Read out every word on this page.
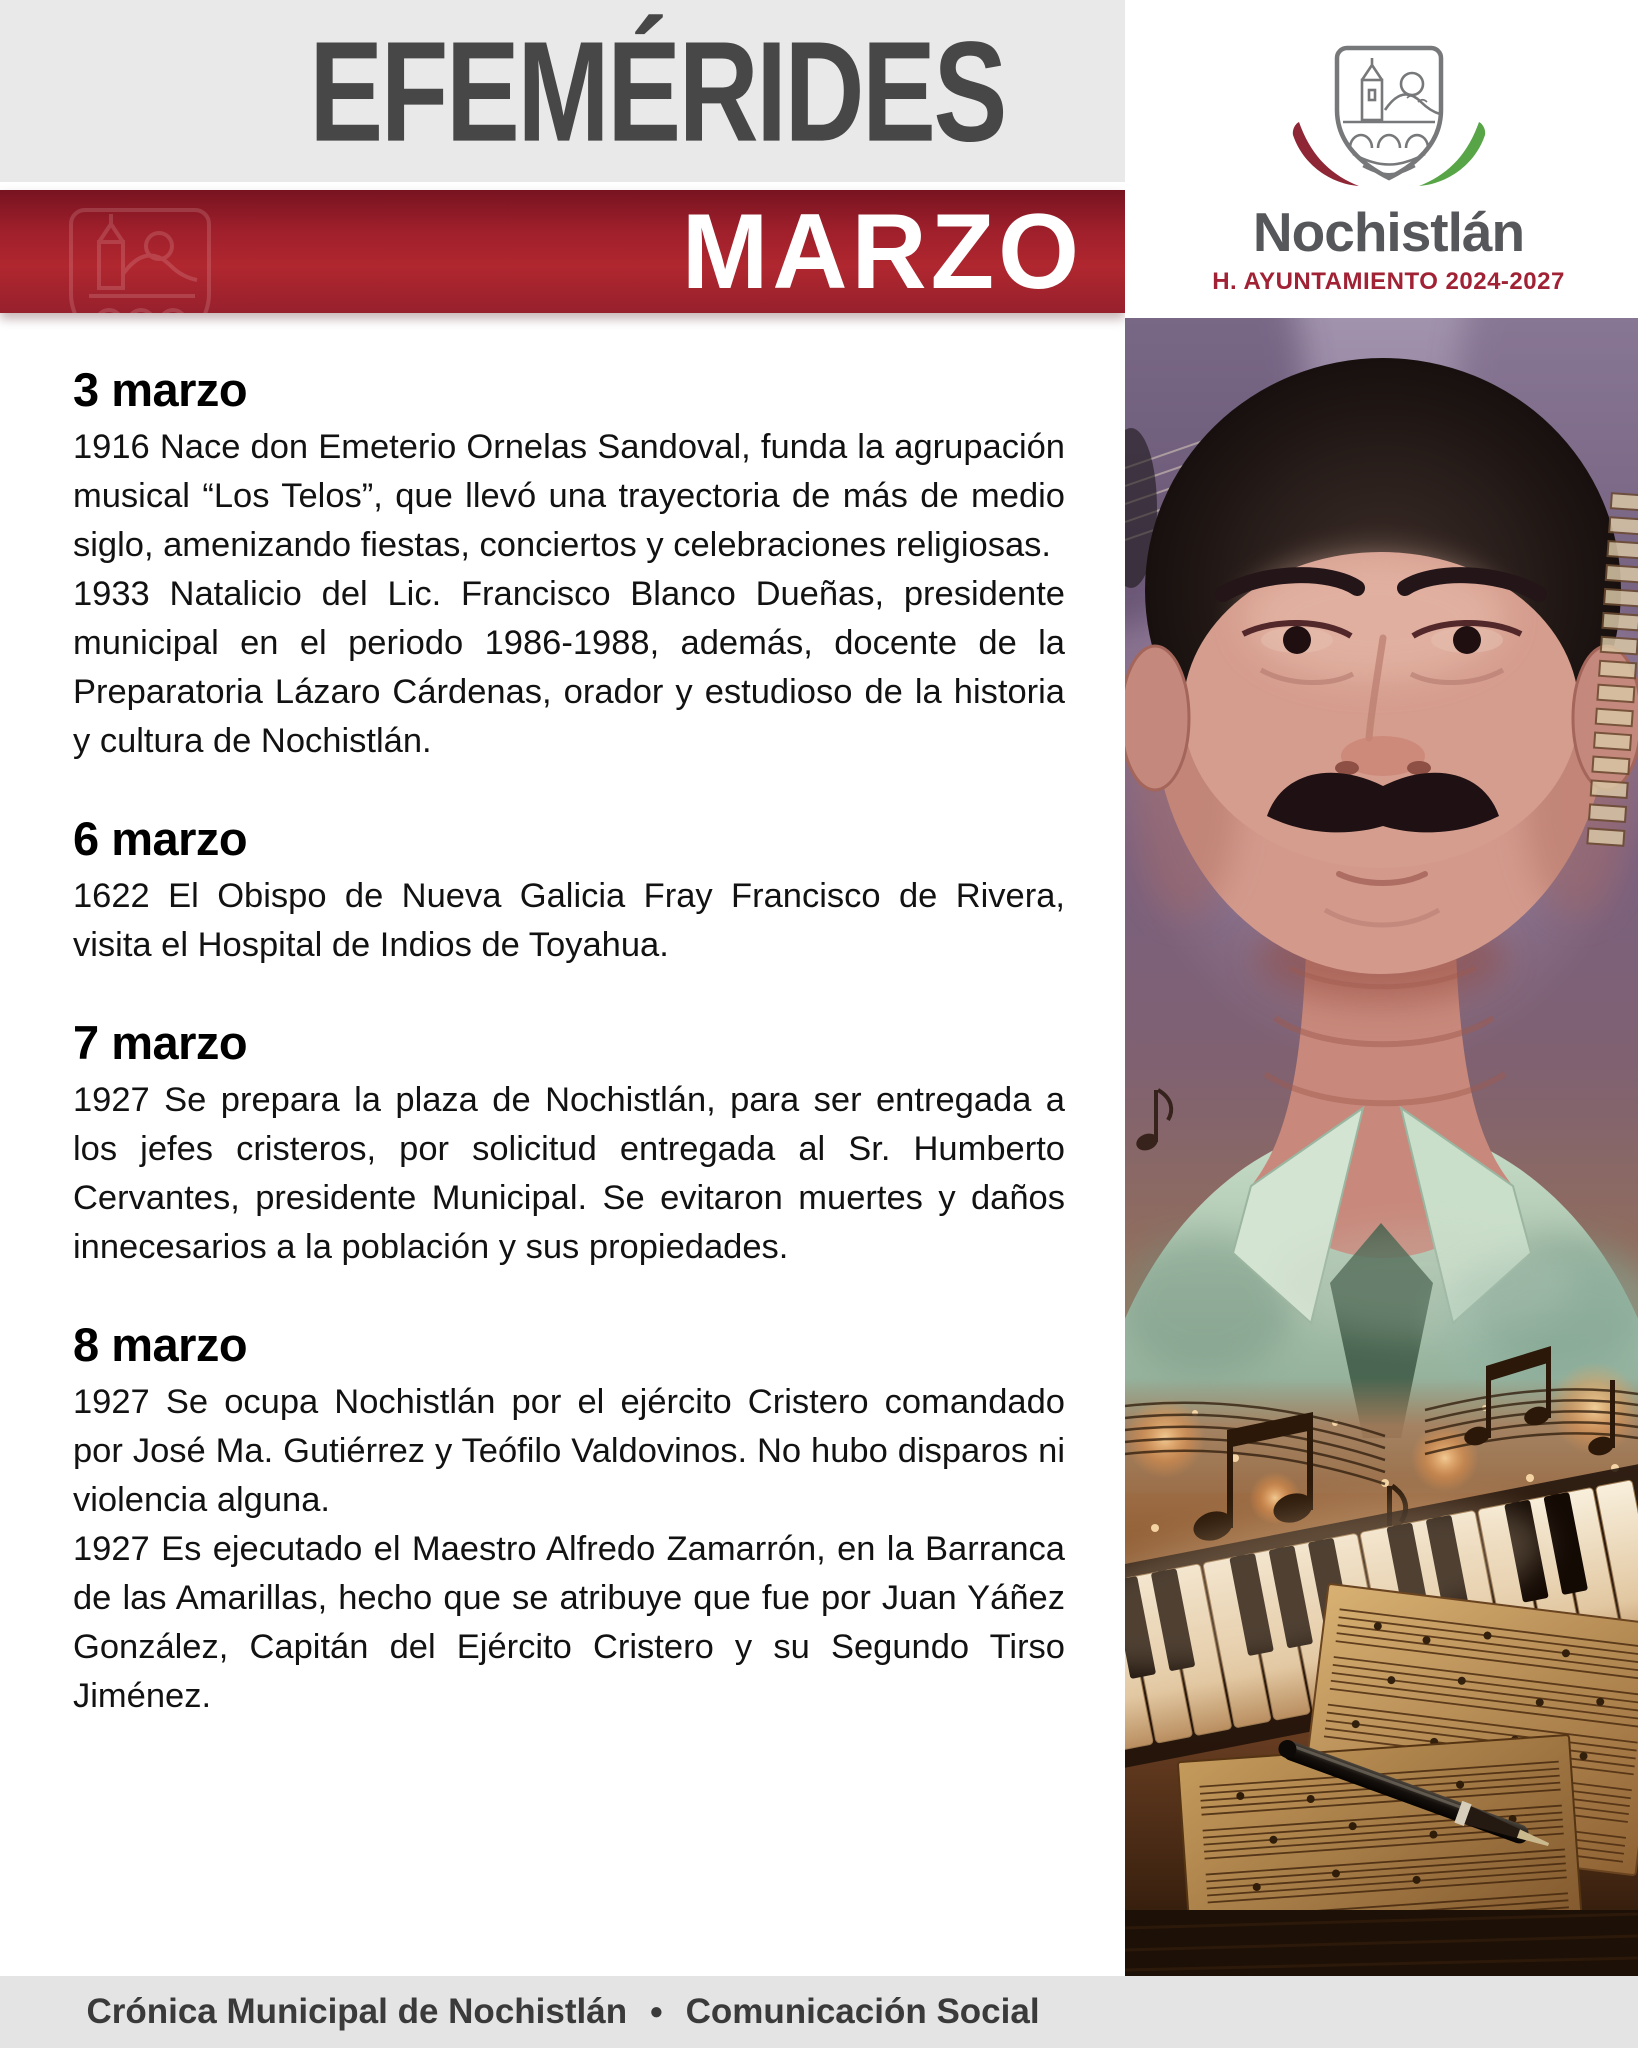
EFEMÉRIDES
MARZO	Nochistlán
H. AYUNTAMIENTO 2024-2027
3 marzo

1916 Nace don Emeterio Ornelas Sandoval, funda la agrupación musical “Los Telos”, que llevó una trayectoria de más de medio siglo, amenizando fiestas, conciertos y celebraciones religiosas.

1933 Natalicio del Lic. Francisco Blanco Dueñas, presidente municipal en el periodo 1986-1988, además, docente de la Preparatoria Lázaro Cárdenas, orador y estudioso de la historia y cultura de Nochistlán.

6 marzo

1622 El Obispo de Nueva Galicia Fray Francisco de Rivera, visita el Hospital de Indios de Toyahua.

7 marzo

1927 Se prepara la plaza de Nochistlán, para ser entregada a los jefes cristeros, por solicitud entregada al Sr. Humberto Cervantes, presidente Municipal. Se evitaron muertes y daños innecesarios a la población y sus propiedades.

8 marzo

1927 Se ocupa Nochistlán por el ejército Cristero comandado por José Ma. Gutiérrez y Teófilo Valdovinos. No hubo disparos ni violencia alguna.

1927 Es ejecutado el Maestro Alfredo Zamarrón, en la Barranca de las Amarillas, hecho que se atribuye que fue por Juan Yáñez González, Capitán del Ejército Cristero y su Segundo Tirso Jiménez.

Crónica Municipal de Nochistlán ● Comunicación Social
